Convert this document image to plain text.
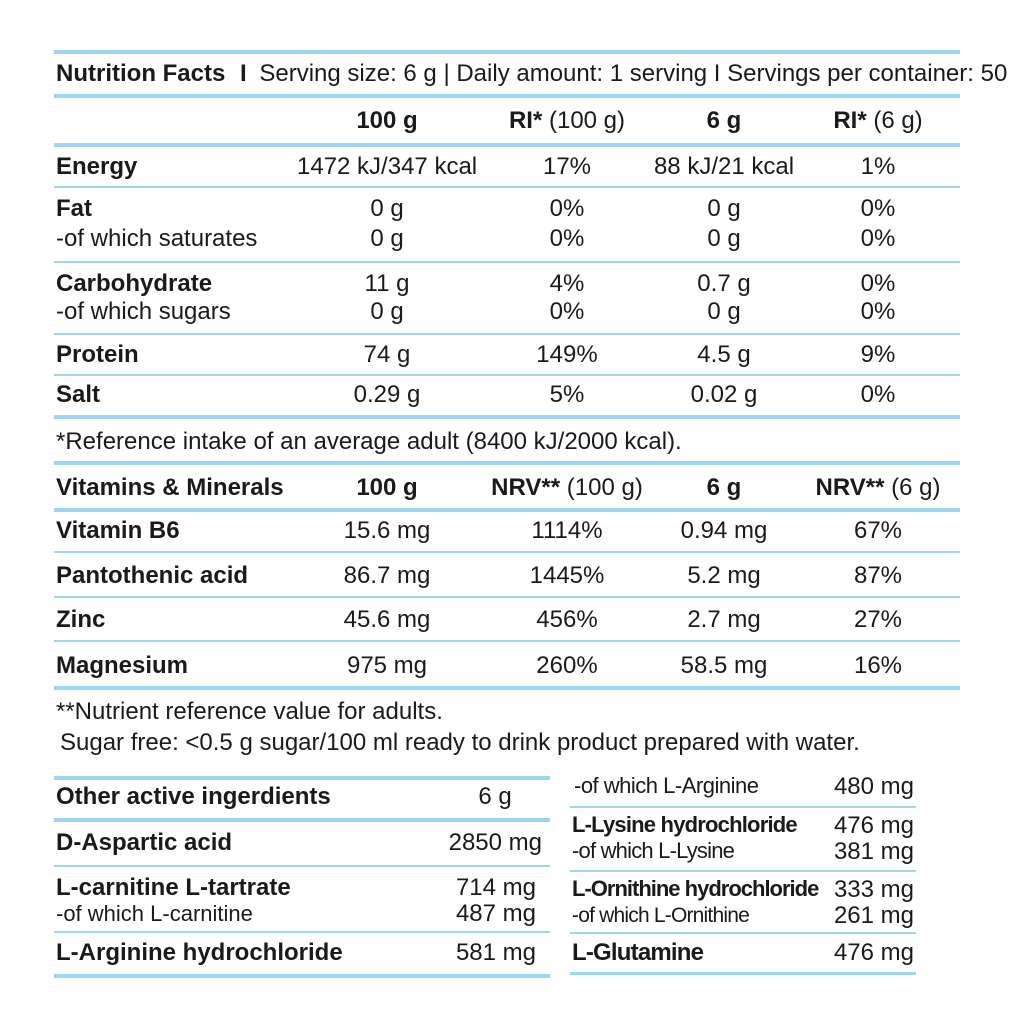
Nutrition Facts I Serving size: 6 g | Daily amount: 1 serving I Servings per container: 50
100 g	RI* (100 g)	6 g	RI* (6 g)
Energy	1472 kJ/347 kcal	17%	88 kJ/21 kcal	1%
Fat	0 g	0%	0 g	0%
-of which saturates	0 g	0%	0 g	0%
Carbohydrate	11 g	4%	0.7 g	0%
-of which sugars	0 g	0%	0 g	0%
Protein	74 g	149%	4.5 g	9%
Salt	0.29 g	5%	0.02 g	0%
*Reference intake of an average adult (8400 kJ/2000 kcal).
Vitamins & Minerals	100 g	NRV** (100 g)	6 g	NRV** (6 g)
Vitamin B6	15.6 mg	1114%	0.94 mg	67%
Pantothenic acid	86.7 mg	1445%	5.2 mg	87%
Zinc	45.6 mg	456%	2.7 mg	27%
Magnesium	975 mg	260%	58.5 mg	16%
**Nutrient reference value for adults.
Sugar free: <0.5 g sugar/100 ml ready to drink product prepared with water.
Other active ingerdients	6 g
D-Aspartic acid	2850 mg
L-carnitine L-tartrate	714 mg
-of which L-carnitine	487 mg
L-Arginine hydrochloride	581 mg
-of which L-Arginine	480 mg
L-Lysine hydrochloride	476 mg
-of which L-Lysine	381 mg
L-Ornithine hydrochloride 333 mg
-of which L-Ornithine	261 mg
L-Glutamine	476 mg
